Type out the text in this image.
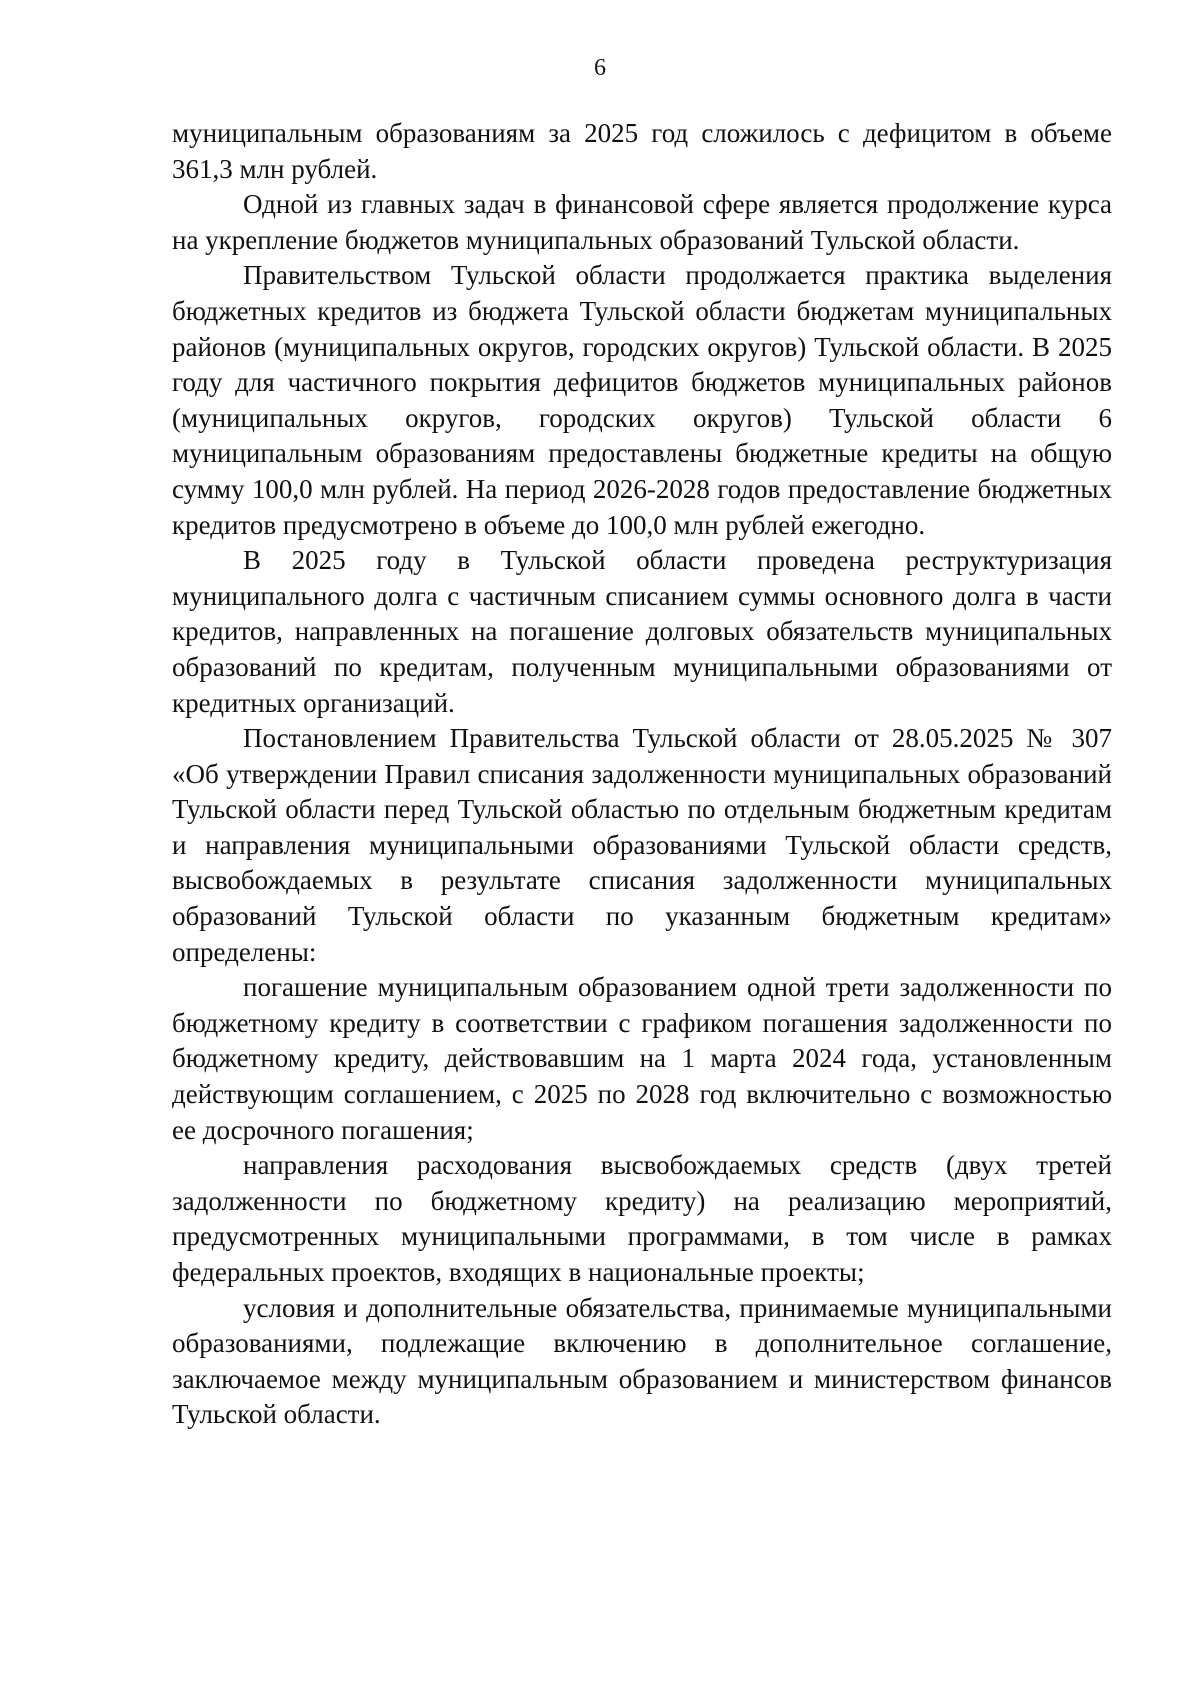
6

муниципальным образованиям за 2025 год сложилось с дефицитом в объеме 361,3 млн рублей.

Одной из главных задач в финансовой сфере является продолжение курса на укрепление бюджетов муниципальных образований Тульской области.

Правительством Тульской области продолжается практика выделения бюджетных кредитов из бюджета Тульской области бюджетам муниципальных районов (муниципальных округов, городских округов) Тульской области. В 2025 году для частичного покрытия дефицитов бюджетов муниципальных районов (муниципальных округов, городских округов) Тульской области 6 муниципальным образованиям предоставлены бюджетные кредиты на общую сумму 100,0 млн рублей. На период 2026-2028 годов предоставление бюджетных кредитов предусмотрено в объеме до 100,0 млн рублей ежегодно.

В 2025 году в Тульской области проведена реструктуризация муниципального долга с частичным списанием суммы основного долга в части кредитов, направленных на погашение долговых обязательств муниципальных образований по кредитам, полученным муниципальными образованиями от кредитных организаций.

Постановлением Правительства Тульской области от 28.05.2025 № 307 «Об утверждении Правил списания задолженности муниципальных образований Тульской области перед Тульской областью по отдельным бюджетным кредитам и направления муниципальными образованиями Тульской области средств, высвобождаемых в результате списания задолженности муниципальных образований Тульской области по указанным бюджетным кредитам» определены:

погашение муниципальным образованием одной трети задолженности по бюджетному кредиту в соответствии с графиком погашения задолженности по бюджетному кредиту, действовавшим на 1 марта 2024 года, установленным действующим соглашением, с 2025 по 2028 год включительно с возможностью ее досрочного погашения;

направления расходования высвобождаемых средств (двух третей задолженности по бюджетному кредиту) на реализацию мероприятий, предусмотренных муниципальными программами, в том числе в рамках федеральных проектов, входящих в национальные проекты;

условия и дополнительные обязательства, принимаемые муниципальными образованиями, подлежащие включению в дополнительное соглашение, заключаемое между муниципальным образованием и министерством финансов Тульской области.
